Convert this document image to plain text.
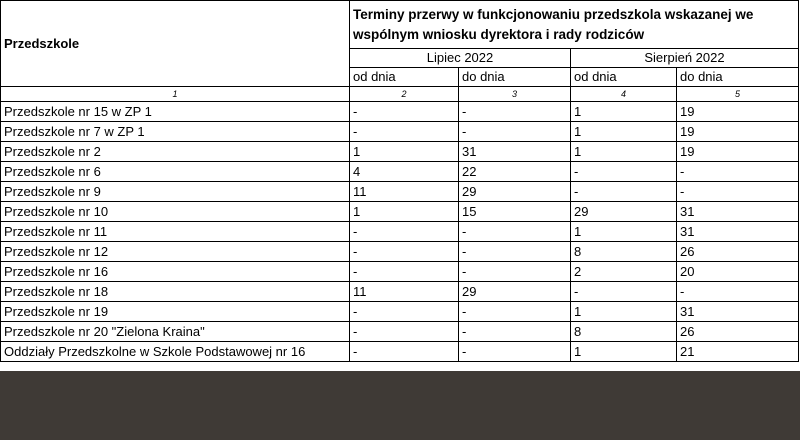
Przedszkole	Terminy przerwy w funkcjonowaniu przedszkola wskazanej we wspólnym wniosku dyrektora i rady rodziców			
	Lipiec 2022		Sierpień 2022	
	od dnia	do dnia	od dnia	do dnia
1	2	3	4	5
Przedszkole nr 15 w ZP 1	-	-	1	19
Przedszkole nr 7 w ZP 1	-	-	1	19
Przedszkole nr 2	1	31	1	19
Przedszkole nr 6	4	22	-	-
Przedszkole nr 9	11	29	-	-
Przedszkole nr 10	1	15	29	31
Przedszkole nr 11	-	-	1	31
Przedszkole nr 12	-	-	8	26
Przedszkole nr 16	-	-	2	20
Przedszkole nr 18	11	29	-	-
Przedszkole nr 19	-	-	1	31
Przedszkole nr 20 "Zielona Kraina"	-	-	8	26
Oddziały Przedszkolne w Szkole Podstawowej nr 16	-	-	1	21
